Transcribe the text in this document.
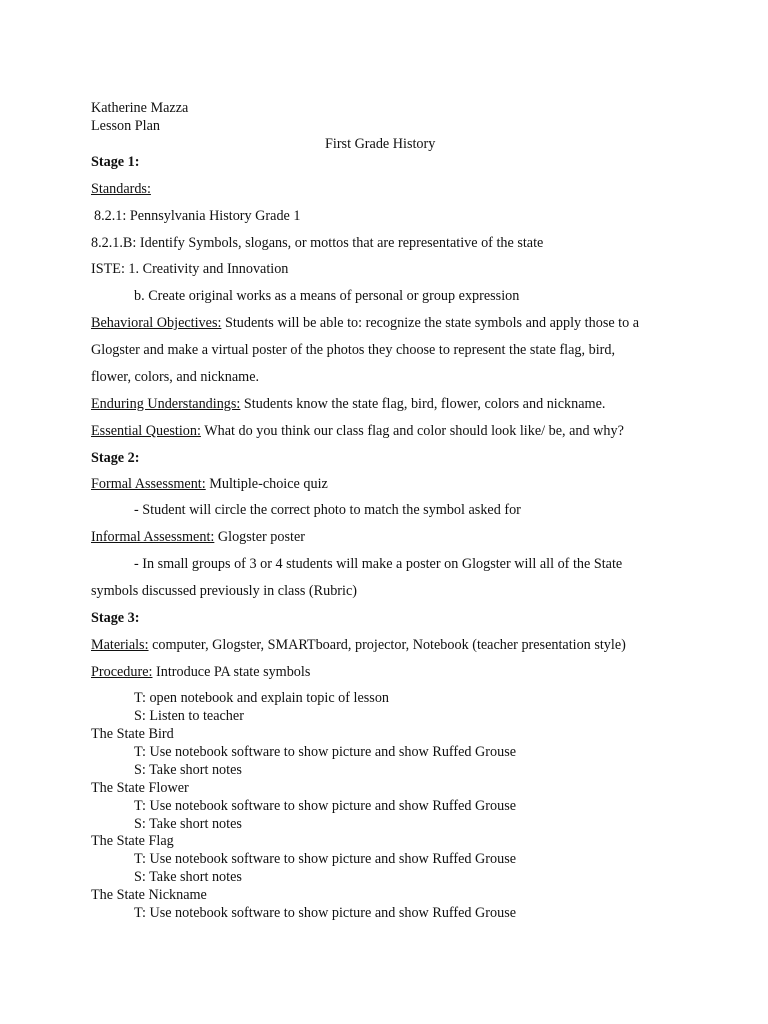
Katherine Mazza

Lesson Plan

First Grade History

Stage 1:

Standards:

8.2.1: Pennsylvania History Grade 1

8.2.1.B: Identify Symbols, slogans, or mottos that are representative of the state

ISTE: 1. Creativity and Innovation

b. Create original works as a means of personal or group expression

Behavioral Objectives: Students will be able to: recognize the state symbols and apply those to a

Glogster and make a virtual poster of the photos they choose to represent the state flag, bird,

flower, colors, and nickname.

Enduring Understandings: Students know the state flag, bird, flower, colors and nickname.

Essential Question: What do you think our class flag and color should look like/ be, and why?

Stage 2:

Formal Assessment: Multiple-choice quiz

- Student will circle the correct photo to match the symbol asked for

Informal Assessment: Glogster poster

- In small groups of 3 or 4 students will make a poster on Glogster will all of the State

symbols discussed previously in class (Rubric)

Stage 3:

Materials: computer, Glogster, SMARTboard, projector, Notebook (teacher presentation style)

Procedure: Introduce PA state symbols

T: open notebook and explain topic of lesson

S: Listen to teacher

The State Bird

T: Use notebook software to show picture and show Ruffed Grouse

S: Take short notes

The State Flower

T: Use notebook software to show picture and show Ruffed Grouse

S: Take short notes

The State Flag

T: Use notebook software to show picture and show Ruffed Grouse

S: Take short notes

The State Nickname

T: Use notebook software to show picture and show Ruffed Grouse
